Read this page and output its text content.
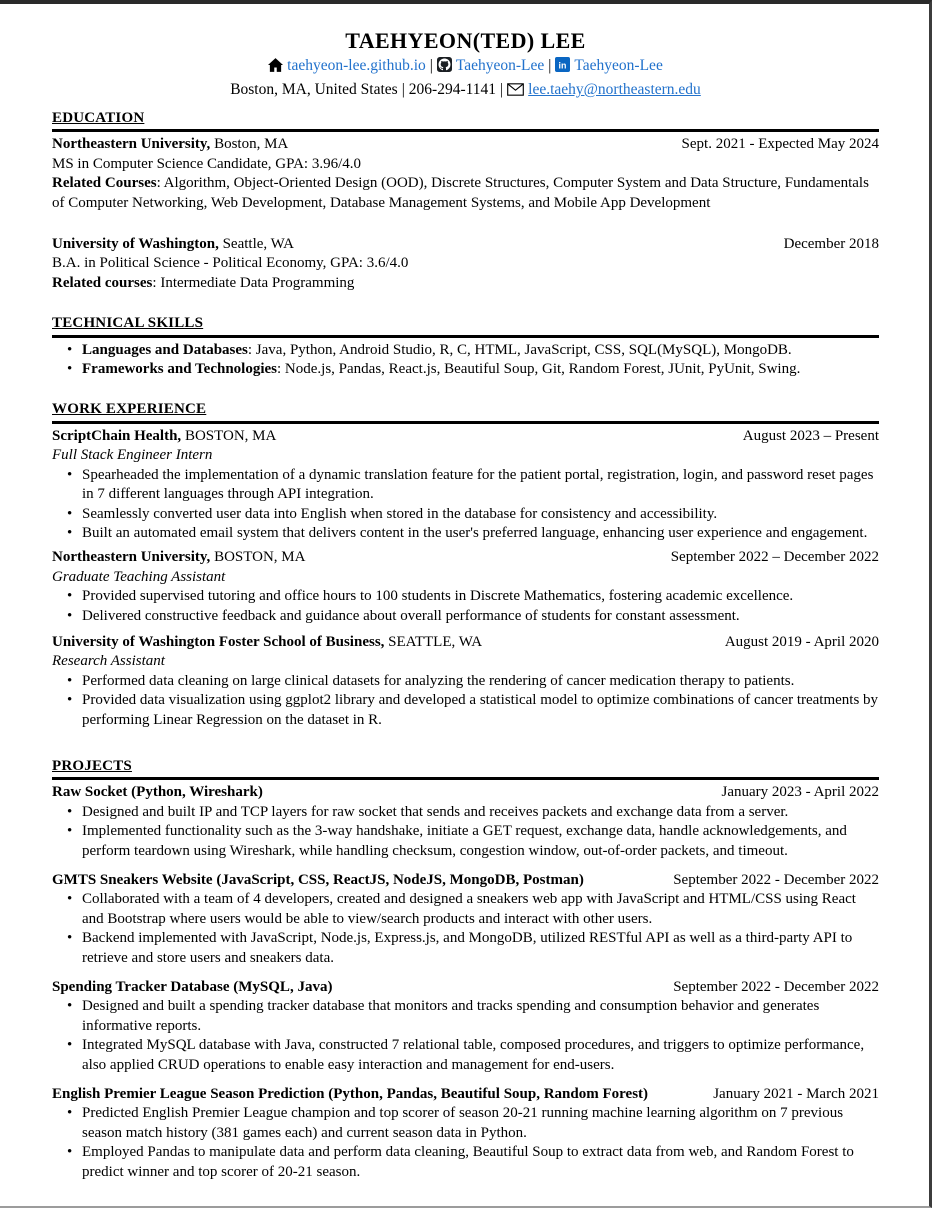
TAEHYEON(TED) LEE
taehyeon-lee.github.io | Taehyeon-Lee | in Taehyeon-Lee
Boston, MA, United States | 206-294-1141 | lee.taehy@northeastern.edu
EDUCATION
Northeastern University, Boston, MA	Sept. 2021 - Expected May 2024
MS in Computer Science Candidate, GPA: 3.96/4.0
Related Courses: Algorithm, Object-Oriented Design (OOD), Discrete Structures, Computer System and Data Structure, Fundamentals of Computer Networking, Web Development, Database Management Systems, and Mobile App Development
University of Washington, Seattle, WA	December 2018
B.A. in Political Science - Political Economy, GPA: 3.6/4.0
Related courses: Intermediate Data Programming
TECHNICAL SKILLS
• Languages and Databases: Java, Python, Android Studio, R, C, HTML, JavaScript, CSS, SQL(MySQL), MongoDB.
• Frameworks and Technologies: Node.js, Pandas, React.js, Beautiful Soup, Git, Random Forest, JUnit, PyUnit, Swing.
WORK EXPERIENCE
ScriptChain Health, BOSTON, MA	August 2023 – Present
Full Stack Engineer Intern
• Spearheaded the implementation of a dynamic translation feature for the patient portal, registration, login, and password reset pages in 7 different languages through API integration.
• Seamlessly converted user data into English when stored in the database for consistency and accessibility.
• Built an automated email system that delivers content in the user's preferred language, enhancing user experience and engagement.
Northeastern University, BOSTON, MA	September 2022 – December 2022
Graduate Teaching Assistant
• Provided supervised tutoring and office hours to 100 students in Discrete Mathematics, fostering academic excellence.
• Delivered constructive feedback and guidance about overall performance of students for constant assessment.
University of Washington Foster School of Business, SEATTLE, WA	August 2019 - April 2020
Research Assistant
• Performed data cleaning on large clinical datasets for analyzing the rendering of cancer medication therapy to patients.
• Provided data visualization using ggplot2 library and developed a statistical model to optimize combinations of cancer treatments by performing Linear Regression on the dataset in R.
PROJECTS
Raw Socket (Python, Wireshark)	January 2023 - April 2022
• Designed and built IP and TCP layers for raw socket that sends and receives packets and exchange data from a server.
• Implemented functionality such as the 3-way handshake, initiate a GET request, exchange data, handle acknowledgements, and perform teardown using Wireshark, while handling checksum, congestion window, out-of-order packets, and timeout.
GMTS Sneakers Website (JavaScript, CSS, ReactJS, NodeJS, MongoDB, Postman)	September 2022 - December 2022
• Collaborated with a team of 4 developers, created and designed a sneakers web app with JavaScript and HTML/CSS using React and Bootstrap where users would be able to view/search products and interact with other users.
• Backend implemented with JavaScript, Node.js, Express.js, and MongoDB, utilized RESTful API as well as a third-party API to retrieve and store users and sneakers data.
Spending Tracker Database (MySQL, Java)	September 2022 - December 2022
• Designed and built a spending tracker database that monitors and tracks spending and consumption behavior and generates informative reports.
• Integrated MySQL database with Java, constructed 7 relational table, composed procedures, and triggers to optimize performance, also applied CRUD operations to enable easy interaction and management for end-users.
English Premier League Season Prediction (Python, Pandas, Beautiful Soup, Random Forest)	January 2021 - March 2021
• Predicted English Premier League champion and top scorer of season 20-21 running machine learning algorithm on 7 previous season match history (381 games each) and current season data in Python.
• Employed Pandas to manipulate data and perform data cleaning, Beautiful Soup to extract data from web, and Random Forest to predict winner and top scorer of 20-21 season.
